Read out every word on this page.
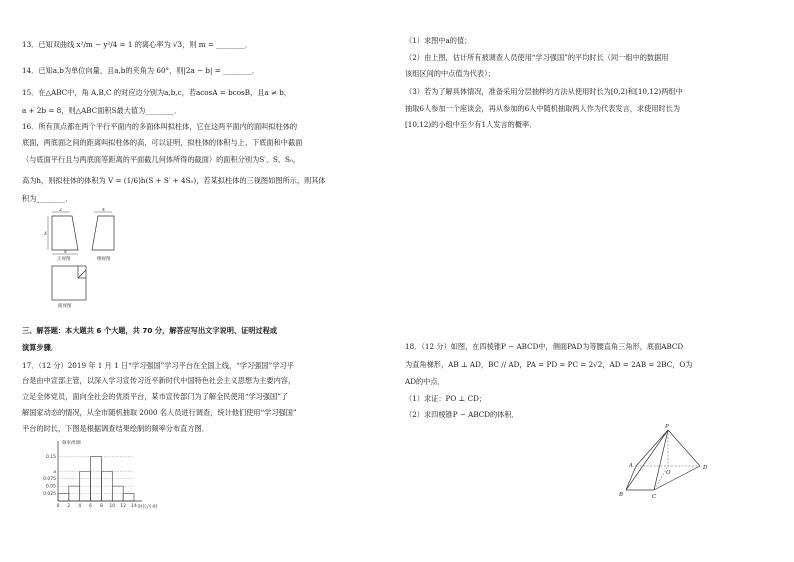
13．已知双曲线 x²/m − y²/4 = 1 的离心率为 √3，则 m = ________．
14．已知a,b为单位向量，且a,b的夹角为 60°，则|2a − b| = ________．
15．在△ABC中，角 A,B,C 的对应边分别为a,b,c，若acosA = bcosB，且a ≠ b，
a + 2b = 8，则△ABC面积S最大值为________．
16．所有顶点都在两个平行平面内的多面体叫拟柱体，它在这两平面内的面叫拟柱体的
底面，两底面之间的距离叫拟柱体的高，可以证明，拟柱体的体积与上、下底面和中截面
（与底面平行且与两底面等距离的平面截几何体所得的截面）的面积分别为S′、S、S₀，
高为h，则拟柱体的体积为 V = (1/6)h(S + S′ + 4S₀)，若某拟柱体的三视图如图所示，则其体
积为________．
2
4
4
正视图
4
侧视图
俯视图
三、解答题：本大题共 6 个大题，共 70 分，解答应写出文字说明、证明过程或
演算步骤．
17．（12 分）2019 年 1 月 1 日“学习强国”学习平台在全国上线，“学习强国”学习平
台是由中宣部主管，以深入学习宣传习近平新时代中国特色社会主义思想为主要内容，
立足全体党员，面向全社会的优质平台，某市宣传部门为了解全民使用“学习强国”了
解国家动态的情况，从全市随机抽取 2000 名人员进行调查，统计他们使用“学习强国”
平台的时长，下图是根据调查结果绘制的频率分布直方图．
频率/组距
时长/小时
0.025
0.05
0.075
a
0.15
0 2 4 6 8 10 12 14
（1）求图中a的值；
（2）由上图，估计所有被调查人员使用“学习强国”的平均时长（同一组中的数据用
该组区间的中点值为代表）；
（3）若为了解具体情况，准备采用分层抽样的方法从使用时长为[0,2)和[10,12)两组中
抽取6人参加一个座谈会，再从参加的6人中随机抽取两人作为代表发言，求使用时长为
[10,12)的小组中至少有1人发言的概率．
18．（12 分）如图，在四棱锥P − ABCD中，侧面PAD为等腰直角三角形，底面ABCD
为直角梯形，AB ⊥ AD，BC // AD，PA = PD = PC = 2√2，AD = 2AB = 2BC，O为
AD的中点．
（1）求证：PO ⊥ CD；
（2）求四棱锥P − ABCD的体积．
P
A
B	C
D
O
